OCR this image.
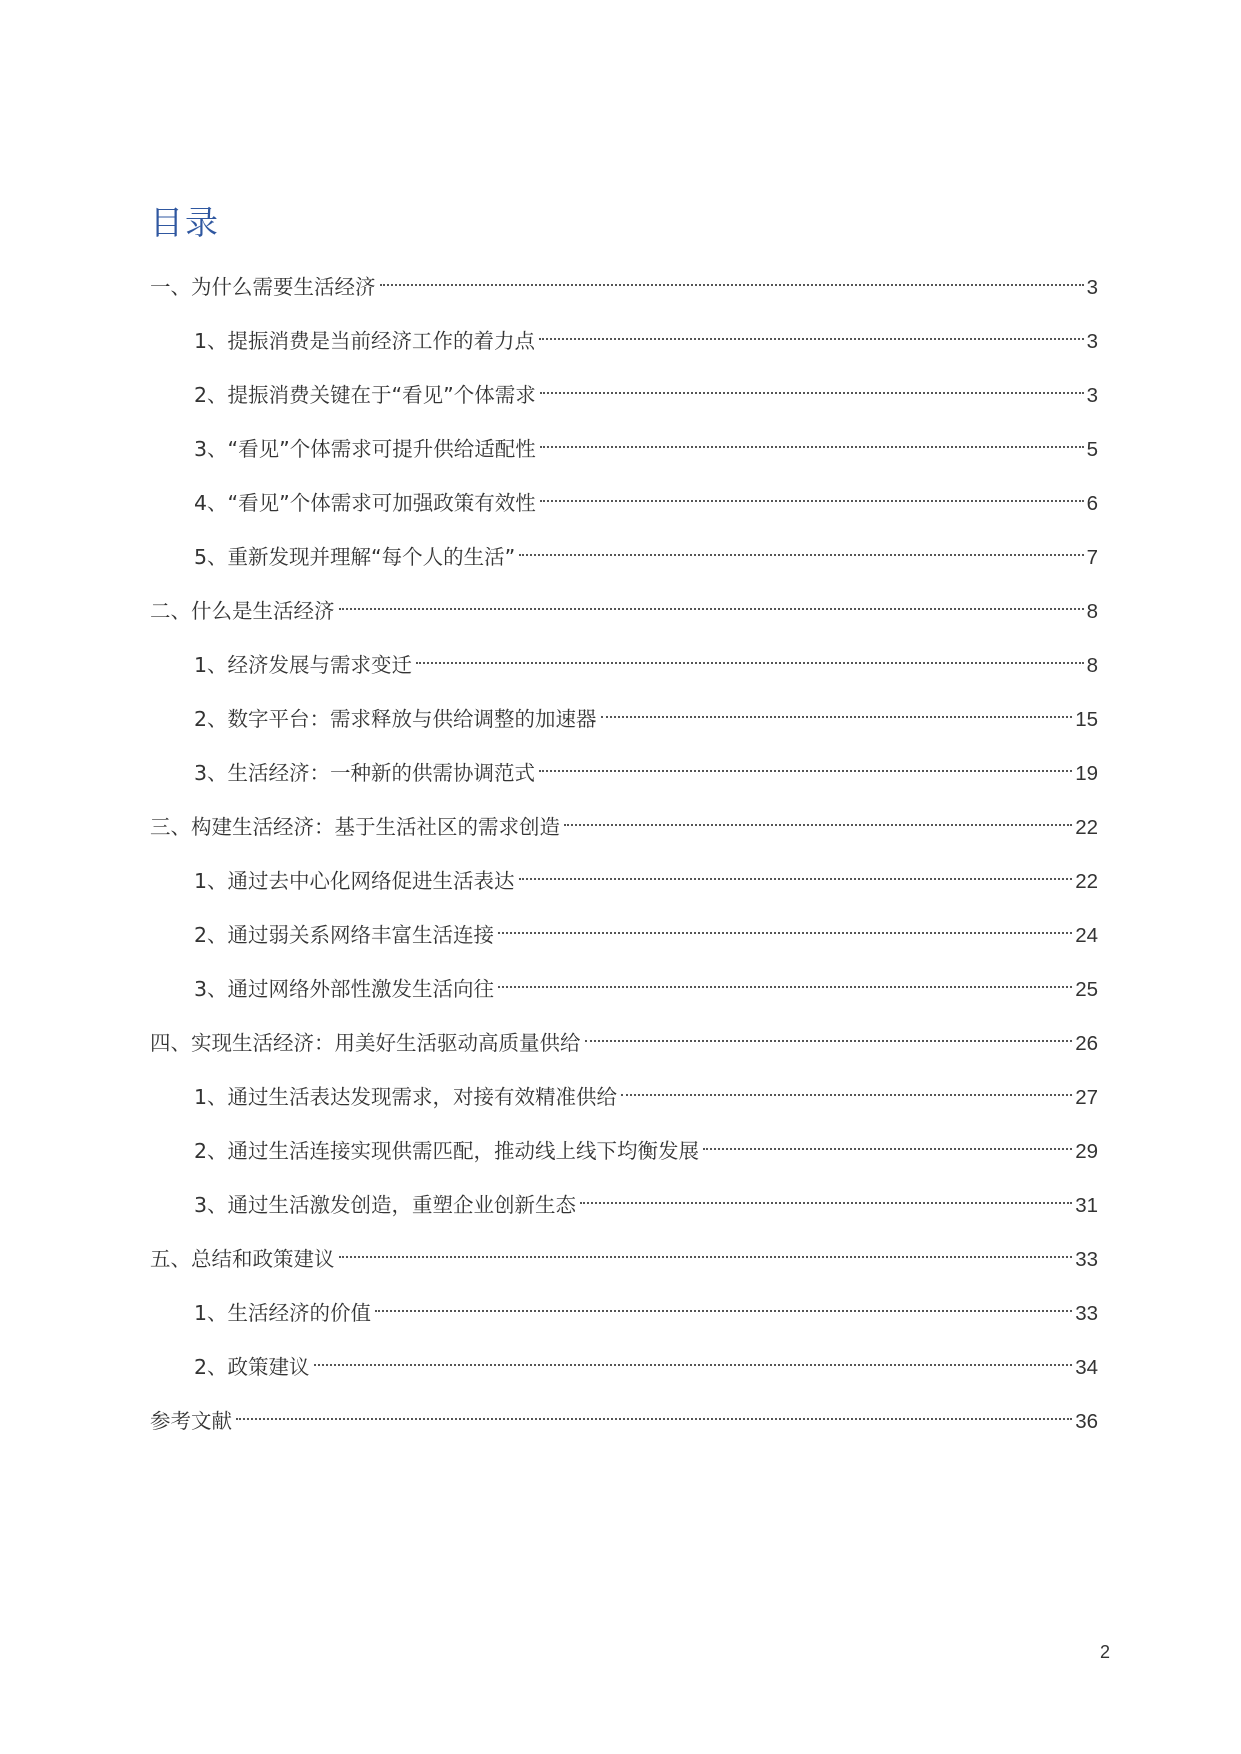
目录
一、为什么需要生活经济	3
1、提振消费是当前经济工作的着力点	3
2、提振消费关键在于“看见”个体需求	3
3、“看见”个体需求可提升供给适配性	5
4、“看见”个体需求可加强政策有效性	6
5、重新发现并理解“每个人的生活”	7
二、什么是生活经济	8
1、经济发展与需求变迁	8
2、数字平台：需求释放与供给调整的加速器	15
3、生活经济：一种新的供需协调范式	19
三、构建生活经济：基于生活社区的需求创造	22
1、通过去中心化网络促进生活表达	22
2、通过弱关系网络丰富生活连接	24
3、通过网络外部性激发生活向往	25
四、实现生活经济：用美好生活驱动高质量供给	26
1、通过生活表达发现需求，对接有效精准供给	27
2、通过生活连接实现供需匹配，推动线上线下均衡发展	29
3、通过生活激发创造，重塑企业创新生态	31
五、总结和政策建议	33
1、生活经济的价值	33
2、政策建议	34
参考文献	36
2
